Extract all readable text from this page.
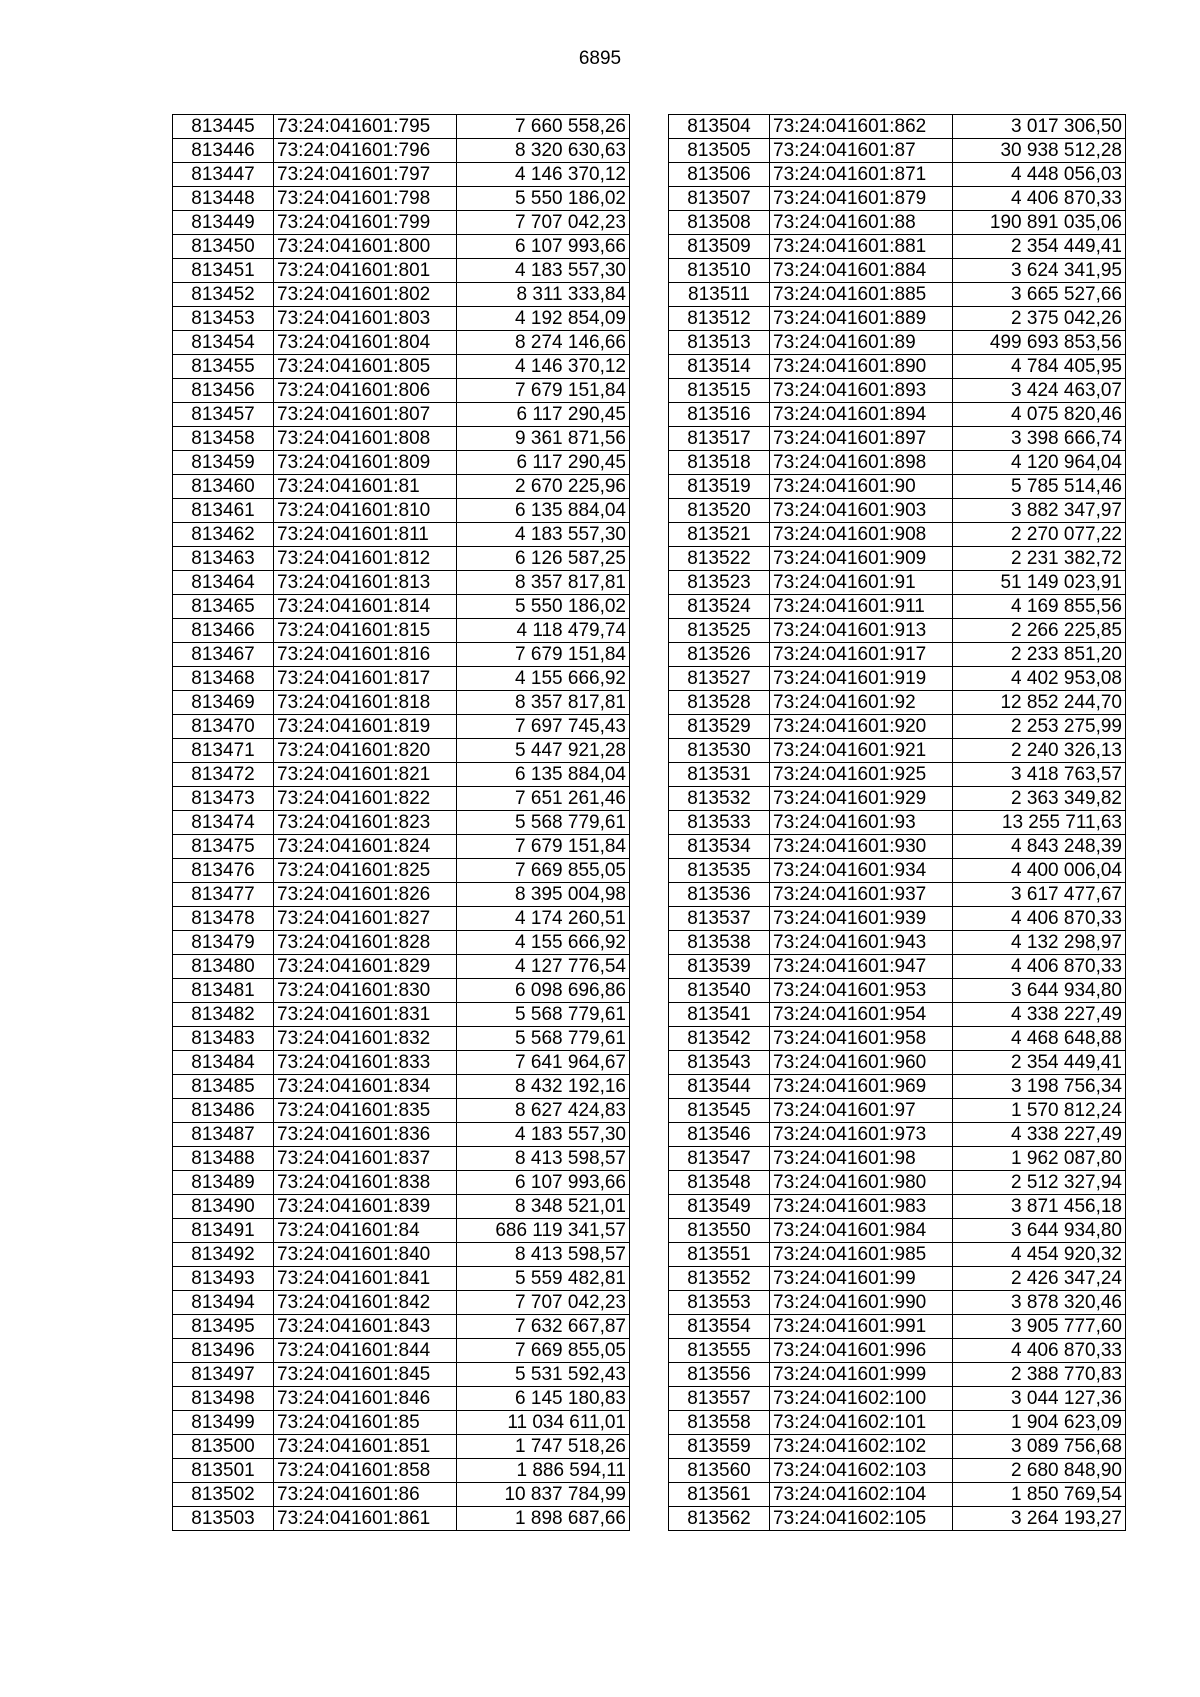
6895
813445	73:24:041601:795	7 660 558,26
813446	73:24:041601:796	8 320 630,63
813447	73:24:041601:797	4 146 370,12
813448	73:24:041601:798	5 550 186,02
813449	73:24:041601:799	7 707 042,23
813450	73:24:041601:800	6 107 993,66
813451	73:24:041601:801	4 183 557,30
813452	73:24:041601:802	8 311 333,84
813453	73:24:041601:803	4 192 854,09
813454	73:24:041601:804	8 274 146,66
813455	73:24:041601:805	4 146 370,12
813456	73:24:041601:806	7 679 151,84
813457	73:24:041601:807	6 117 290,45
813458	73:24:041601:808	9 361 871,56
813459	73:24:041601:809	6 117 290,45
813460	73:24:041601:81	2 670 225,96
813461	73:24:041601:810	6 135 884,04
813462	73:24:041601:811	4 183 557,30
813463	73:24:041601:812	6 126 587,25
813464	73:24:041601:813	8 357 817,81
813465	73:24:041601:814	5 550 186,02
813466	73:24:041601:815	4 118 479,74
813467	73:24:041601:816	7 679 151,84
813468	73:24:041601:817	4 155 666,92
813469	73:24:041601:818	8 357 817,81
813470	73:24:041601:819	7 697 745,43
813471	73:24:041601:820	5 447 921,28
813472	73:24:041601:821	6 135 884,04
813473	73:24:041601:822	7 651 261,46
813474	73:24:041601:823	5 568 779,61
813475	73:24:041601:824	7 679 151,84
813476	73:24:041601:825	7 669 855,05
813477	73:24:041601:826	8 395 004,98
813478	73:24:041601:827	4 174 260,51
813479	73:24:041601:828	4 155 666,92
813480	73:24:041601:829	4 127 776,54
813481	73:24:041601:830	6 098 696,86
813482	73:24:041601:831	5 568 779,61
813483	73:24:041601:832	5 568 779,61
813484	73:24:041601:833	7 641 964,67
813485	73:24:041601:834	8 432 192,16
813486	73:24:041601:835	8 627 424,83
813487	73:24:041601:836	4 183 557,30
813488	73:24:041601:837	8 413 598,57
813489	73:24:041601:838	6 107 993,66
813490	73:24:041601:839	8 348 521,01
813491	73:24:041601:84	686 119 341,57
813492	73:24:041601:840	8 413 598,57
813493	73:24:041601:841	5 559 482,81
813494	73:24:041601:842	7 707 042,23
813495	73:24:041601:843	7 632 667,87
813496	73:24:041601:844	7 669 855,05
813497	73:24:041601:845	5 531 592,43
813498	73:24:041601:846	6 145 180,83
813499	73:24:041601:85	11 034 611,01
813500	73:24:041601:851	1 747 518,26
813501	73:24:041601:858	1 886 594,11
813502	73:24:041601:86	10 837 784,99
813503	73:24:041601:861	1 898 687,66
813504	73:24:041601:862	3 017 306,50
813505	73:24:041601:87	30 938 512,28
813506	73:24:041601:871	4 448 056,03
813507	73:24:041601:879	4 406 870,33
813508	73:24:041601:88	190 891 035,06
813509	73:24:041601:881	2 354 449,41
813510	73:24:041601:884	3 624 341,95
813511	73:24:041601:885	3 665 527,66
813512	73:24:041601:889	2 375 042,26
813513	73:24:041601:89	499 693 853,56
813514	73:24:041601:890	4 784 405,95
813515	73:24:041601:893	3 424 463,07
813516	73:24:041601:894	4 075 820,46
813517	73:24:041601:897	3 398 666,74
813518	73:24:041601:898	4 120 964,04
813519	73:24:041601:90	5 785 514,46
813520	73:24:041601:903	3 882 347,97
813521	73:24:041601:908	2 270 077,22
813522	73:24:041601:909	2 231 382,72
813523	73:24:041601:91	51 149 023,91
813524	73:24:041601:911	4 169 855,56
813525	73:24:041601:913	2 266 225,85
813526	73:24:041601:917	2 233 851,20
813527	73:24:041601:919	4 402 953,08
813528	73:24:041601:92	12 852 244,70
813529	73:24:041601:920	2 253 275,99
813530	73:24:041601:921	2 240 326,13
813531	73:24:041601:925	3 418 763,57
813532	73:24:041601:929	2 363 349,82
813533	73:24:041601:93	13 255 711,63
813534	73:24:041601:930	4 843 248,39
813535	73:24:041601:934	4 400 006,04
813536	73:24:041601:937	3 617 477,67
813537	73:24:041601:939	4 406 870,33
813538	73:24:041601:943	4 132 298,97
813539	73:24:041601:947	4 406 870,33
813540	73:24:041601:953	3 644 934,80
813541	73:24:041601:954	4 338 227,49
813542	73:24:041601:958	4 468 648,88
813543	73:24:041601:960	2 354 449,41
813544	73:24:041601:969	3 198 756,34
813545	73:24:041601:97	1 570 812,24
813546	73:24:041601:973	4 338 227,49
813547	73:24:041601:98	1 962 087,80
813548	73:24:041601:980	2 512 327,94
813549	73:24:041601:983	3 871 456,18
813550	73:24:041601:984	3 644 934,80
813551	73:24:041601:985	4 454 920,32
813552	73:24:041601:99	2 426 347,24
813553	73:24:041601:990	3 878 320,46
813554	73:24:041601:991	3 905 777,60
813555	73:24:041601:996	4 406 870,33
813556	73:24:041601:999	2 388 770,83
813557	73:24:041602:100	3 044 127,36
813558	73:24:041602:101	1 904 623,09
813559	73:24:041602:102	3 089 756,68
813560	73:24:041602:103	2 680 848,90
813561	73:24:041602:104	1 850 769,54
813562	73:24:041602:105	3 264 193,27
